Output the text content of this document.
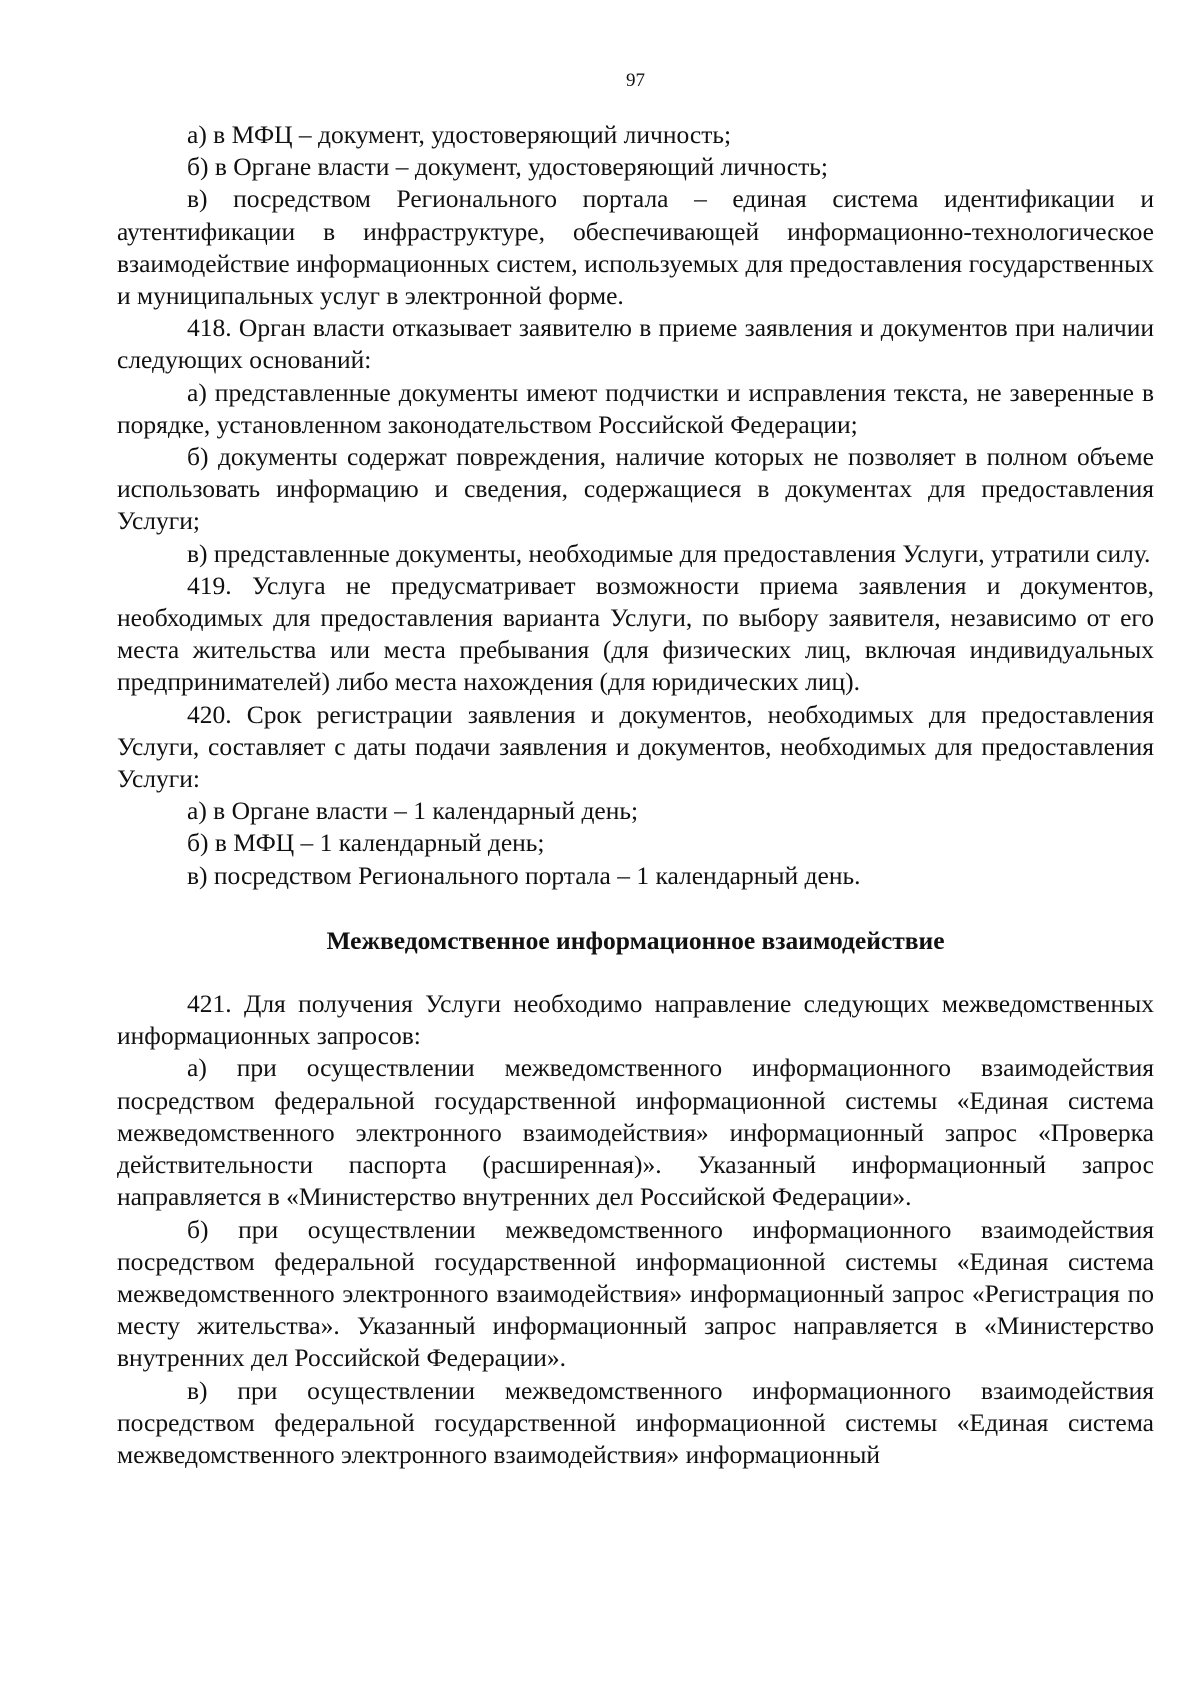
97

а) в МФЦ – документ, удостоверяющий личность;

б) в Органе власти – документ, удостоверяющий личность;

в) посредством Регионального портала – единая система идентификации и аутентификации в инфраструктуре, обеспечивающей информационно-технологическое взаимодействие информационных систем, используемых для предоставления государственных и муниципальных услуг в электронной форме.

418. Орган власти отказывает заявителю в приеме заявления и документов при наличии следующих оснований:

а) представленные документы имеют подчистки и исправления текста, не заверенные в порядке, установленном законодательством Российской Федерации;

б) документы содержат повреждения, наличие которых не позволяет в полном объеме использовать информацию и сведения, содержащиеся в документах для предоставления Услуги;

в) представленные документы, необходимые для предоставления Услуги, утратили силу.

419. Услуга не предусматривает возможности приема заявления и документов, необходимых для предоставления варианта Услуги, по выбору заявителя, независимо от его места жительства или места пребывания (для физических лиц, включая индивидуальных предпринимателей) либо места нахождения (для юридических лиц).

420. Срок регистрации заявления и документов, необходимых для предоставления Услуги, составляет с даты подачи заявления и документов, необходимых для предоставления Услуги:

а) в Органе власти – 1 календарный день;

б) в МФЦ – 1 календарный день;

в) посредством Регионального портала – 1 календарный день.

Межведомственное информационное взаимодействие

421. Для получения Услуги необходимо направление следующих межведомственных информационных запросов:

а) при осуществлении межведомственного информационного взаимодействия посредством федеральной государственной информационной системы «Единая система межведомственного электронного взаимодействия» информационный запрос «Проверка действительности паспорта (расширенная)». Указанный информационный запрос направляется в «Министерство внутренних дел Российской Федерации».

б) при осуществлении межведомственного информационного взаимодействия посредством федеральной государственной информационной системы «Единая система межведомственного электронного взаимодействия» информационный запрос «Регистрация по месту жительства». Указанный информационный запрос направляется в «Министерство внутренних дел Российской Федерации».

в) при осуществлении межведомственного информационного взаимодействия посредством федеральной государственной информационной системы «Единая система межведомственного электронного взаимодействия» информационный
